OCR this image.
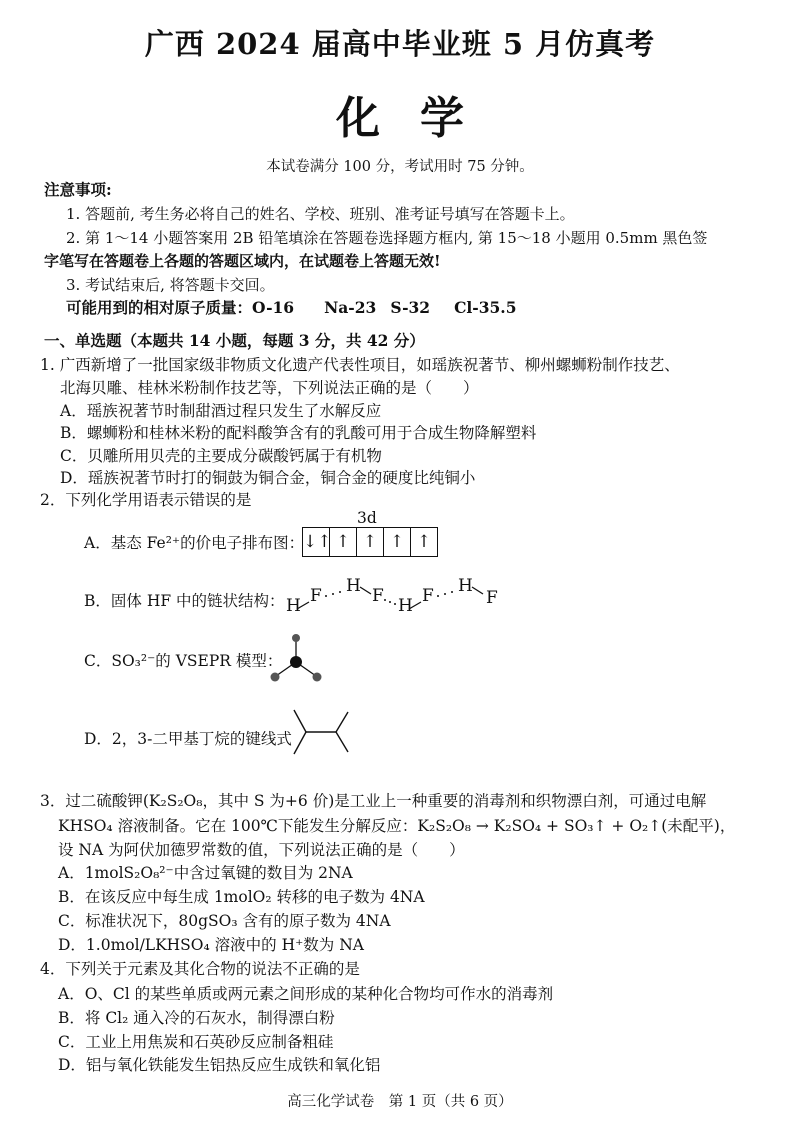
广西 2024 届高中毕业班 5 月仿真考
化学
本试卷满分 100 分，考试用时 75 分钟。
注意事项:
1. 答题前, 考生务必将自己的姓名、学校、班别、准考证号填写在答题卡上。
2. 第 1～14 小题答案用 2B 铅笔填涂在答题卷选择题方框内, 第 15～18 小题用 0.5mm 黑色签
字笔写在答题卷上各题的答题区域内，在试题卷上答题无效!
3. 考试结束后, 将答题卡交回。
可能用到的相对原子质量：O-16 Na-23 S-32 Cl-35.5
一、单选题（本题共 14 小题，每题 3 分，共 42 分）
1. 广西新增了一批国家级非物质文化遗产代表性项目，如瑶族祝著节、柳州螺蛳粉制作技艺、
北海贝雕、桂林米粉制作技艺等，下列说法正确的是（　　）
A．瑶族祝著节时制甜酒过程只发生了水解反应
B．螺蛳粉和桂林米粉的配料酸笋含有的乳酸可用于合成生物降解塑料
C．贝雕所用贝壳的主要成分碳酸钙属于有机物
D．瑶族祝著节时打的铜鼓为铜合金，铜合金的硬度比纯铜小
2．下列化学用语表示错误的是
3d
A．基态 Fe²⁺的价电子排布图：
↓↑ ↑ ↑ ↑ ↑
B．固体 HF 中的链状结构： H F H F H F H
F
C．SO₃²⁻的 VSEPR 模型：
D．2，3-二甲基丁烷的键线式
3．过二硫酸钾(K₂S₂O₈，其中 S 为+6 价)是工业上一种重要的消毒剂和织物漂白剂，可通过电解
KHSO₄ 溶液制备。它在 100℃下能发生分解反应：K₂S₂O₈ → K₂SO₄ + SO₃↑ + O₂↑(未配平)，
设 NA 为阿伏加德罗常数的值，下列说法正确的是（　　）
A．1molS₂O₈²⁻中含过氧键的数目为 2NA
B．在该反应中每生成 1molO₂ 转移的电子数为 4NA
C．标准状况下，80gSO₃ 含有的原子数为 4NA
D．1.0mol/LKHSO₄ 溶液中的 H⁺数为 NA
4．下列关于元素及其化合物的说法不正确的是
A．O、Cl 的某些单质或两元素之间形成的某种化合物均可作水的消毒剂
B．将 Cl₂ 通入冷的石灰水，制得漂白粉
C．工业上用焦炭和石英砂反应制备粗硅
D．铝与氧化铁能发生铝热反应生成铁和氧化铝
高三化学试卷　第 1 页（共 6 页）
